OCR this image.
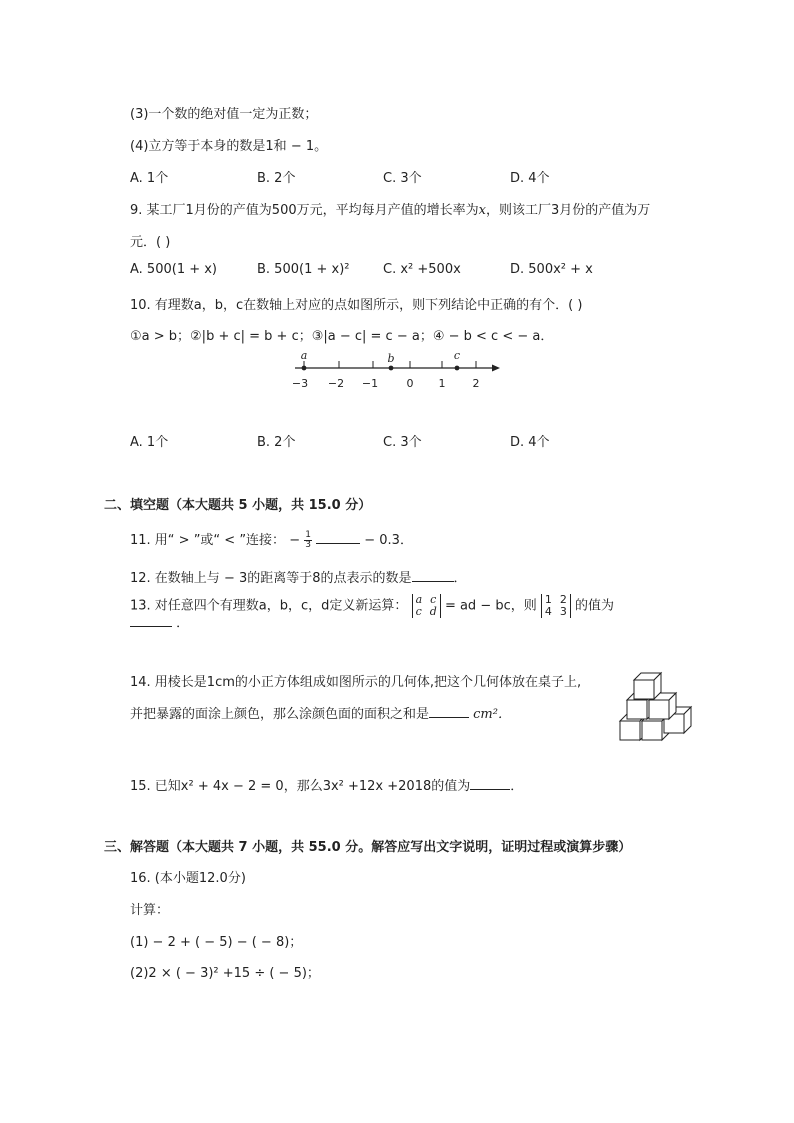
(3)一个数的绝对值一定为正数；
(4)立方等于本身的数是1和 − 1。
A. 1个	B. 2个	C. 3个	D. 4个
9. 某工厂1月份的产值为500万元，平均每月产值的增长率为x，则该工厂3月份的产值为万
元．( )
A. 500(1 + x)	B. 500(1 + x)²	C. x² +500x	D. 500x² + x
10. 有理数a，b，c在数轴上对应的点如图所示，则下列结论中正确的有个．( )
①a > b；②|b + c| = b + c；③|a − c| = c − a；④ − b < c < − a．
a	b	c
−3 −2 −1	0 1 2
A. 1个	B. 2个	C. 3个	D. 4个
二、填空题（本大题共 5 小题，共 15.0 分）
11. 用“ > ”或“ < ”连接： − $\frac{1}{3}$	− 0.3．
12. 在数轴上与 − 3的距离等于8的点表示的数是	．
13. 对任意四个有理数a，b，c，d定义新运算： a c
c d = ad − bc，则 1 2
4 3 的值为
．
14. 用棱长是1cm的小正方体组成如图所示的几何体,把这个几何体放在桌子上,
并把暴露的面涂上颜色，那么涂颜色面的面积之和是	cm²．
15. 已知x² + 4x − 2 = 0，那么3x² +12x +2018的值为	．
三、解答题（本大题共 7 小题，共 55.0 分。解答应写出文字说明，证明过程或演算步骤）
16. (本小题12.0分)
计算：
(1) − 2 + ( − 5) − ( − 8)；
(2)2 × ( − 3)² +15 ÷ ( − 5)；
